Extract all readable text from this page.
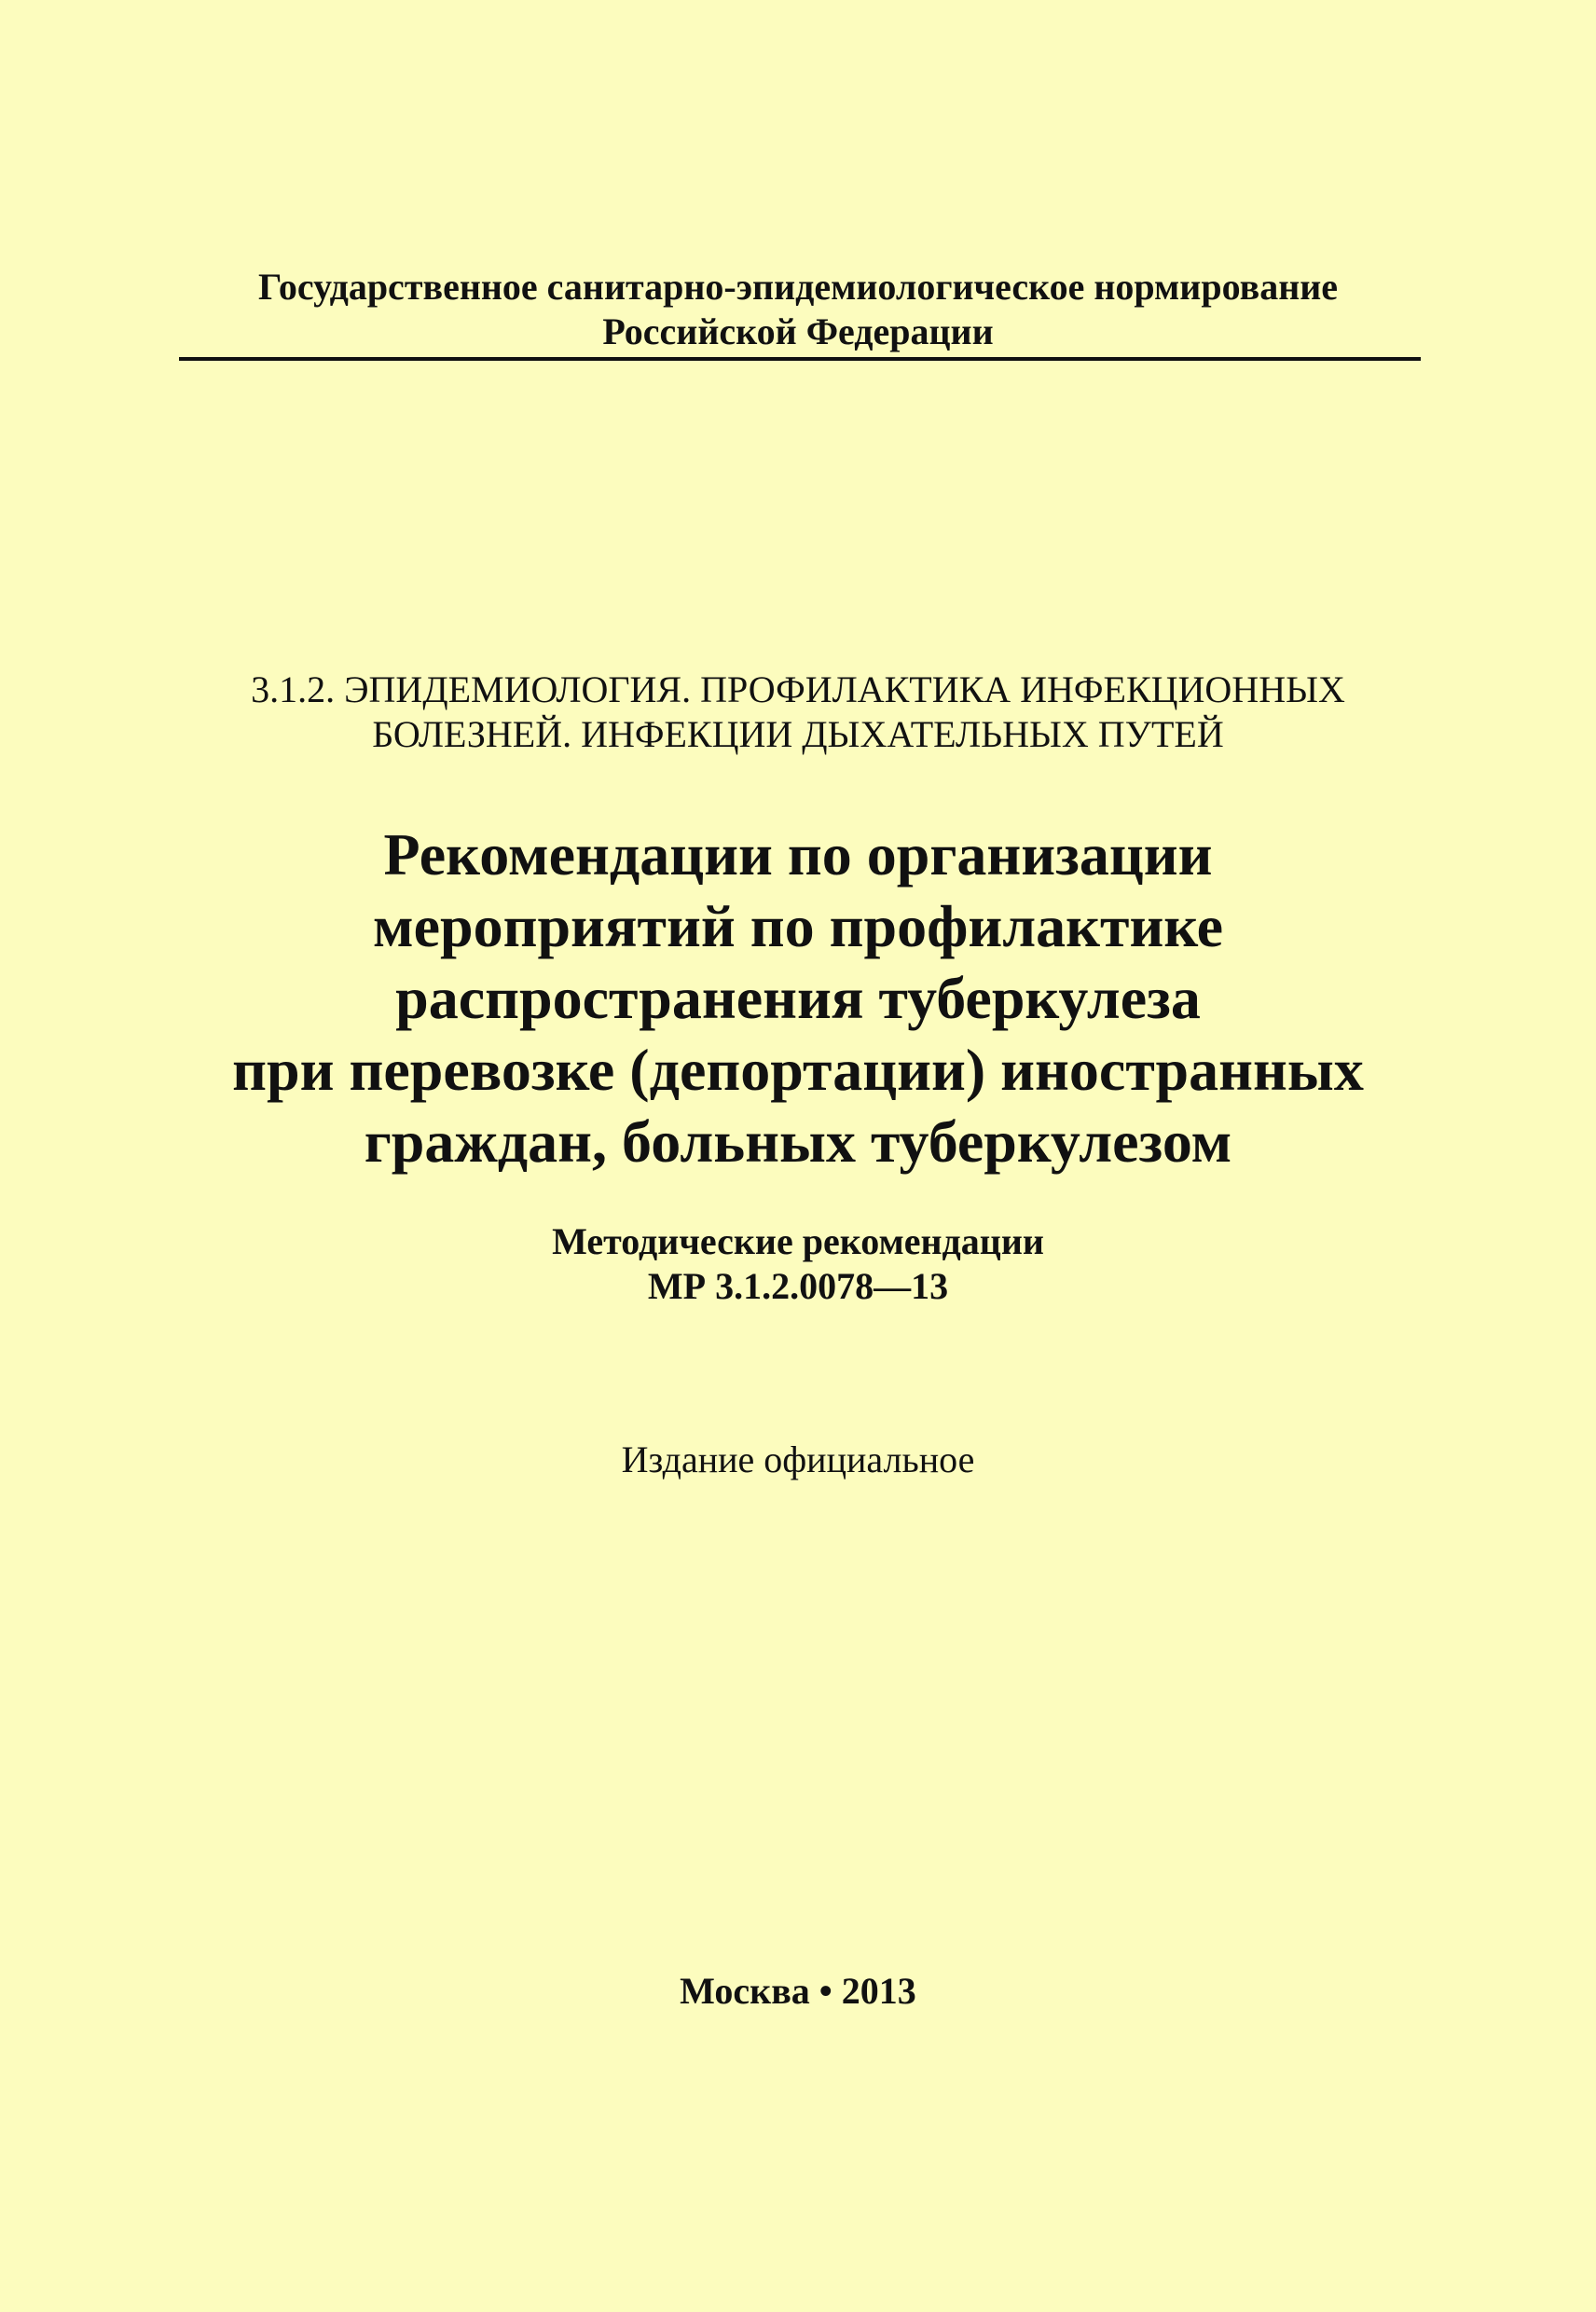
Государственное санитарно-эпидемиологическое нормирование
Российской Федерации
3.1.2. ЭПИДЕМИОЛОГИЯ. ПРОФИЛАКТИКА ИНФЕКЦИОННЫХ
БОЛЕЗНЕЙ. ИНФЕКЦИИ ДЫХАТЕЛЬНЫХ ПУТЕЙ
Рекомендации по организации
мероприятий по профилактике
распространения туберкулеза
при перевозке (депортации) иностранных
граждан, больных туберкулезом
Методические рекомендации
МР 3.1.2.0078—13
Издание официальное
Москва • 2013
